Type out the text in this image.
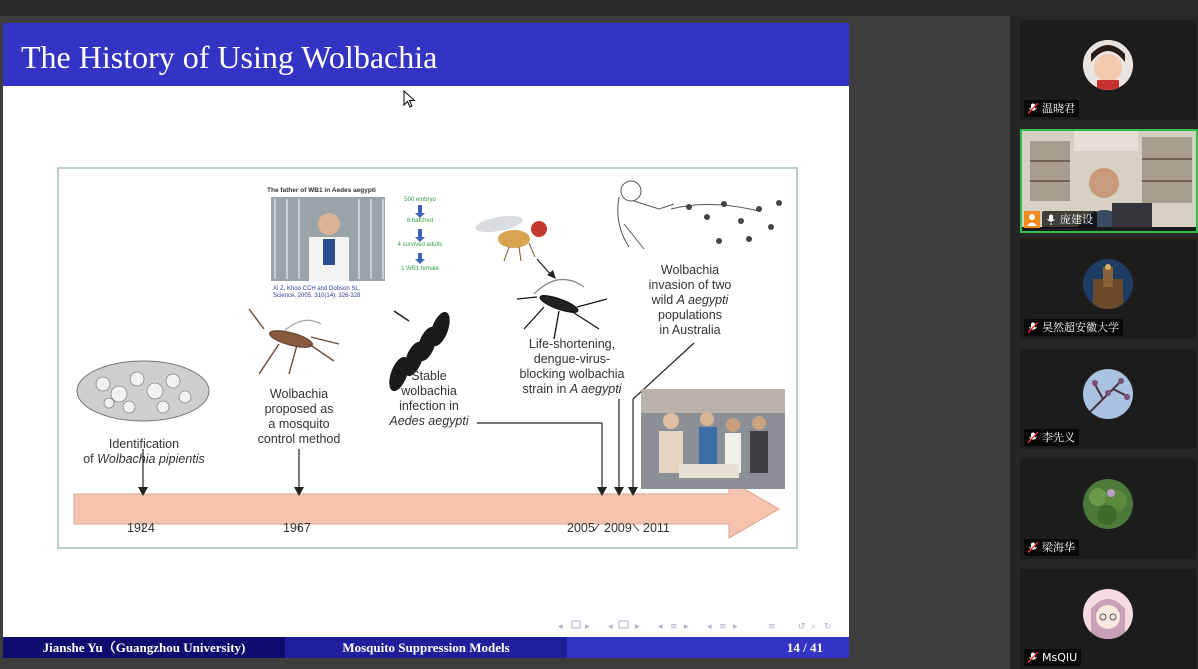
The History of Using Wolbachia
The father of WB1 in Aedes aegypti
Xi Z, Khoo CCH and Dobson SL.
Science, 2005, 310(14): 326-328
500 embryo
6 hatched
4 survived adults
1 WB1 female
Identification
of Wolbachia pipientis
Wolbachia
proposed as
a mosquito
control method
Stable
wolbachia
infection in
Aedes aegypti
Life-shortening,
dengue-virus-
blocking wolbachia
strain in A aegypti
Wolbachia
invasion of two
wild A aegypti
populations
in Australia
1924	1967	2005 2009 2011
◂ ▸ ◂ ▸ ◂ ≡ ▸ ◂ ≡ ▸	≡ ↺ ⌕ ↻
Jianshe Yu（Guangzhou University)	Mosquito Suppression Models	14 / 41
温晓君
庞建设
昊然超安徽大学
李先义
梁海华
MsQIU
